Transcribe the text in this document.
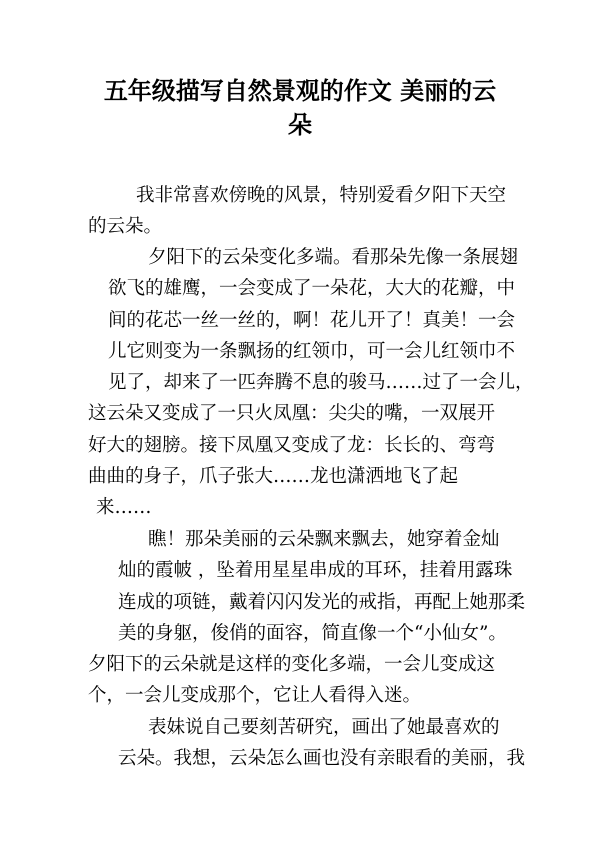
五年级描写自然景观的作文 美丽的云
朵
我非常喜欢傍晚的风景，特别爱看夕阳下天空
的云朵。
夕阳下的云朵变化多端。看那朵先像一条展翅
欲飞的雄鹰，一会变成了一朵花，大大的花瓣，中
间的花芯一丝一丝的，啊！花儿开了！真美！一会
儿它则变为一条飘扬的红领巾，可一会儿红领巾不
见了，却来了一匹奔腾不息的骏马……过了一会儿，
这云朵又变成了一只火凤凰：尖尖的嘴，一双展开
好大的翅膀。接下凤凰又变成了龙：长长的、弯弯
曲曲的身子，爪子张大……龙也潇洒地飞了起
来……
瞧！那朵美丽的云朵飘来飘去，她穿着金灿
灿的霞帔 ，坠着用星星串成的耳环，挂着用露珠
连成的项链，戴着闪闪发光的戒指，再配上她那柔
美的身躯，俊俏的面容，简直像一个“小仙女”。
夕阳下的云朵就是这样的变化多端，一会儿变成这
个，一会儿变成那个，它让人看得入迷。
表妹说自己要刻苦研究，画出了她最喜欢的
云朵。我想，云朵怎么画也没有亲眼看的美丽，我
